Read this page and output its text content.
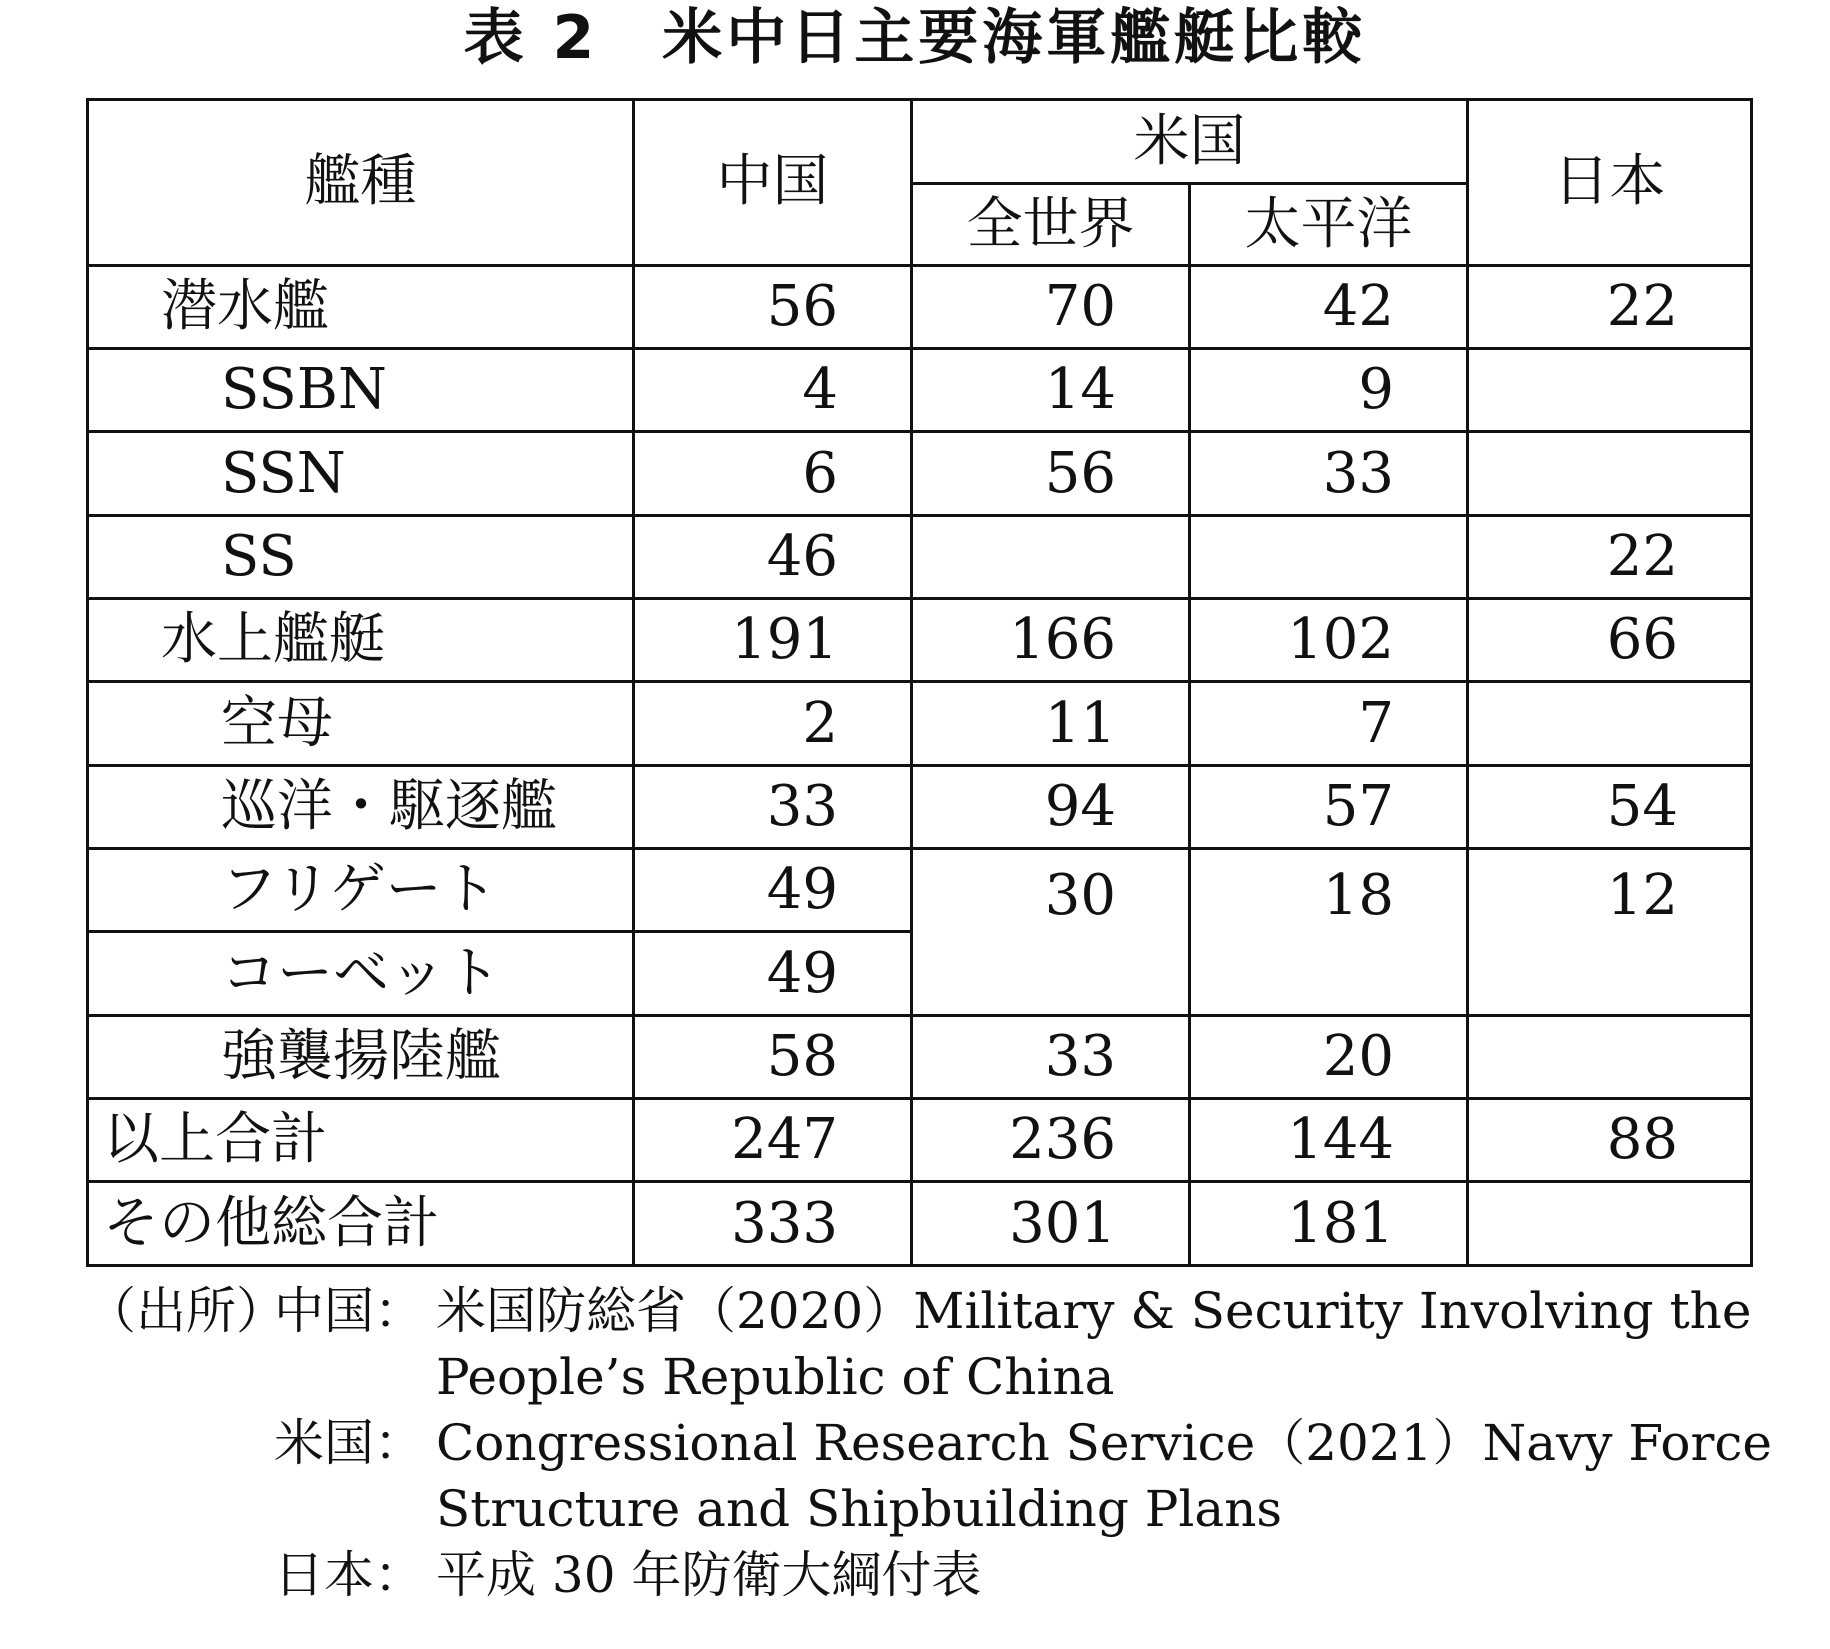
表 2　米中日主要海軍艦艇比較
艦種	中国	米国		日本
		全世界	太平洋	
潜水艦	56	70	42	22
SSBN	4	14	9	
SSN	6	56	33	
SS	46			22
水上艦艇	191	166	102	66
空母	2	11	7	
巡洋・駆逐艦	33	94	57	54
フリゲート	49	30	18	12
コーベット	49			
強襲揚陸艦	58	33	20	
以上合計	247	236	144	88
その他総合計	333	301	181	
（出所）
中国： 米国防総省（2020）Military & Security Involving the
People’s Republic of China
米国： Congressional Research Service（2021）Navy Force
Structure and Shipbuilding Plans
日本： 平成 30 年防衛大綱付表
